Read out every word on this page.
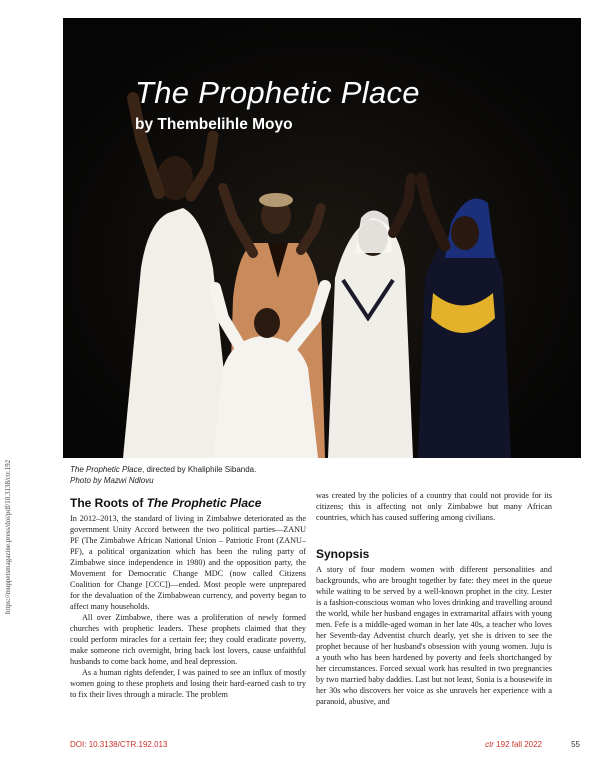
The Prophetic Place

by Thembelihle Moyo

https://muppetsmagazine.press/doi/pdf/10.3138/ctr.192	The Prophetic Place, directed by Khaliphile Sibanda.
Photo by Mazwi Ndlovu
The Roots of The Prophetic Place

In 2012–2013, the standard of living in Zimbabwe deteriorated as the government Unity Accord between the two political parties—ZANU PF (The Zimbabwe African National Union – Patriotic Front (ZANU–PF), a political organization which has been the ruling party of Zimbabwe since independence in 1980) and the opposition party, the Movement for Democratic Change MDC (now called Citizens Coalition for Change [CCC])—ended. Most people were unprepared for the devaluation of the Zimbabwean currency, and poverty began to affect many households.

All over Zimbabwe, there was a proliferation of newly formed churches with prophetic leaders. These prophets claimed that they could perform miracles for a certain fee; they could eradicate poverty, make someone rich overnight, bring back lost lovers, cause unfaithful husbands to come back home, and heal depression.

As a human rights defender, I was pained to see an influx of mostly women going to these prophets and losing their hard-earned cash to try to fix their lives through a miracle. The problem

was created by the policies of a country that could not provide for its citizens; this is affecting not only Zimbabwe but many African countries, which has caused suffering among civilians.

Synopsis

A story of four modern women with different personalities and backgrounds, who are brought together by fate: they meet in the queue while waiting to be served by a well-known prophet in the city. Lester is a fashion-conscious woman who loves drinking and travelling around the world, while her husband engages in extramarital affairs with young men. Fefe is a middle-aged woman in her late 40s, a teacher who loves her Seventh-day Adventist church dearly, yet she is driven to see the prophet because of her husband's obsession with young women. Juju is a youth who has been hardened by poverty and feels shortchanged by her circumstances. Forced sexual work has resulted in two pregnancies by two married baby daddies. Last but not least, Sonia is a housewife in her 30s who discovers her voice as she unravels her experience with a paranoid, abusive, and

DOI: 10.3138/CTR.192.013	ctr 192 fall 2022	55
